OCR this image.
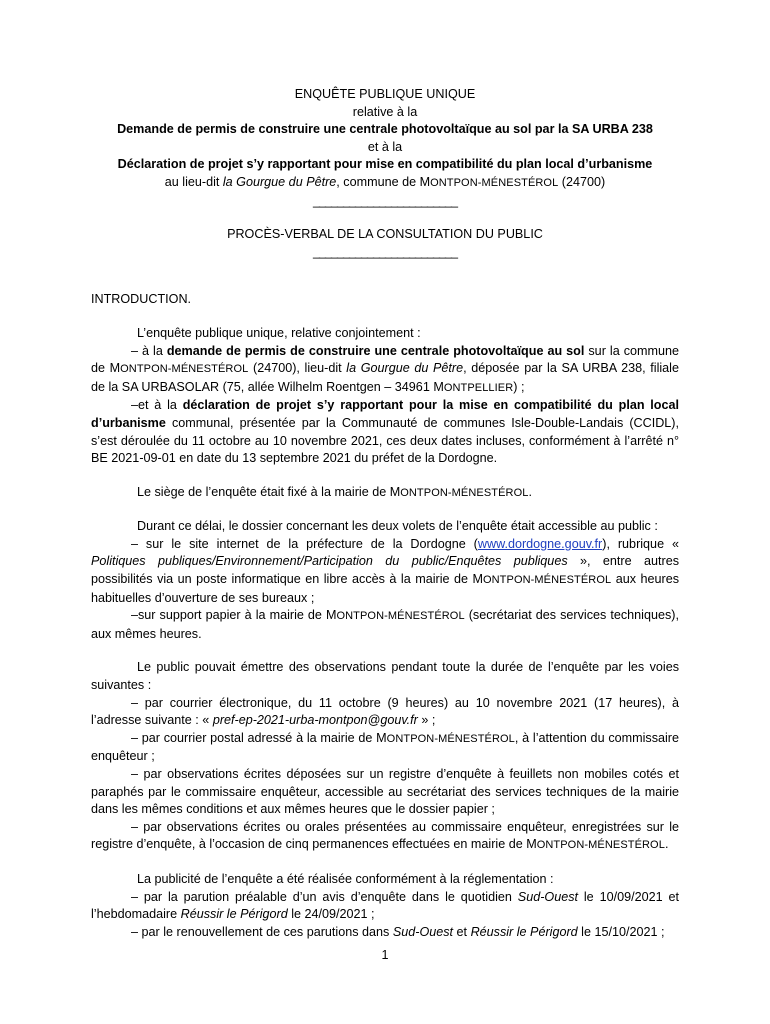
ENQUÊTE PUBLIQUE UNIQUE
relative à la
Demande de permis de construire une centrale photovoltaïque au sol par la SA URBA 238
et à la
Déclaration de projet s’y rapportant pour mise en compatibilité du plan local d’urbanisme
au lieu-dit la Gourgue du Pêtre, commune de MONTPON-MÉNESTÉROL (24700)
________________________
PROCÈS-VERBAL DE LA CONSULTATION DU PUBLIC
________________________
INTRODUCTION.
L’enquête publique unique, relative conjointement :
– à la demande de permis de construire une centrale photovoltaïque au sol sur la commune de MONTPON-MÉNESTÉROL (24700), lieu-dit la Gourgue du Pêtre, déposée par la SA URBA 238, filiale de la SA URBASOLAR (75, allée Wilhelm Roentgen – 34961 MONTPELLIER) ;
–et à la déclaration de projet s’y rapportant pour la mise en compatibilité du plan local d’urbanisme communal, présentée par la Communauté de communes Isle-Double-Landais (CCIDL), s’est déroulée du 11 octobre au 10 novembre 2021, ces deux dates incluses, conformément à l’arrêté n° BE 2021-09-01 en date du 13 septembre 2021 du préfet de la Dordogne.
Le siège de l’enquête était fixé à la mairie de MONTPON-MÉNESTÉROL.
Durant ce délai, le dossier concernant les deux volets de l’enquête était accessible au public :
– sur le site internet de la préfecture de la Dordogne (www.dordogne.gouv.fr), rubrique « Politiques publiques/Environnement/Participation du public/Enquêtes publiques », entre autres possibilités via un poste informatique en libre accès à la mairie de MONTPON-MÉNESTÉROL aux heures habituelles d’ouverture de ses bureaux ;
–sur support papier à la mairie de MONTPON-MÉNESTÉROL (secrétariat des services techniques), aux mêmes heures.
Le public pouvait émettre des observations pendant toute la durée de l’enquête par les voies suivantes :
– par courrier électronique, du 11 octobre (9 heures) au 10 novembre 2021 (17 heures), à l’adresse suivante : « pref-ep-2021-urba-montpon@gouv.fr » ;
– par courrier postal adressé à la mairie de MONTPON-MÉNESTÉROL, à l’attention du commissaire enquêteur ;
– par observations écrites déposées sur un registre d’enquête à feuillets non mobiles cotés et paraphés par le commissaire enquêteur, accessible au secrétariat des services techniques de la mairie dans les mêmes conditions et aux mêmes heures que le dossier papier ;
– par observations écrites ou orales présentées au commissaire enquêteur, enregistrées sur le registre d’enquête, à l’occasion de cinq permanences effectuées en mairie de MONTPON-MÉNESTÉROL.
La publicité de l’enquête a été réalisée conformément à la réglementation :
– par la parution préalable d’un avis d’enquête dans le quotidien Sud-Ouest le 10/09/2021 et l’hebdomadaire Réussir le Périgord le 24/09/2021 ;
– par le renouvellement de ces parutions dans Sud-Ouest et Réussir le Périgord le 15/10/2021 ;
1
